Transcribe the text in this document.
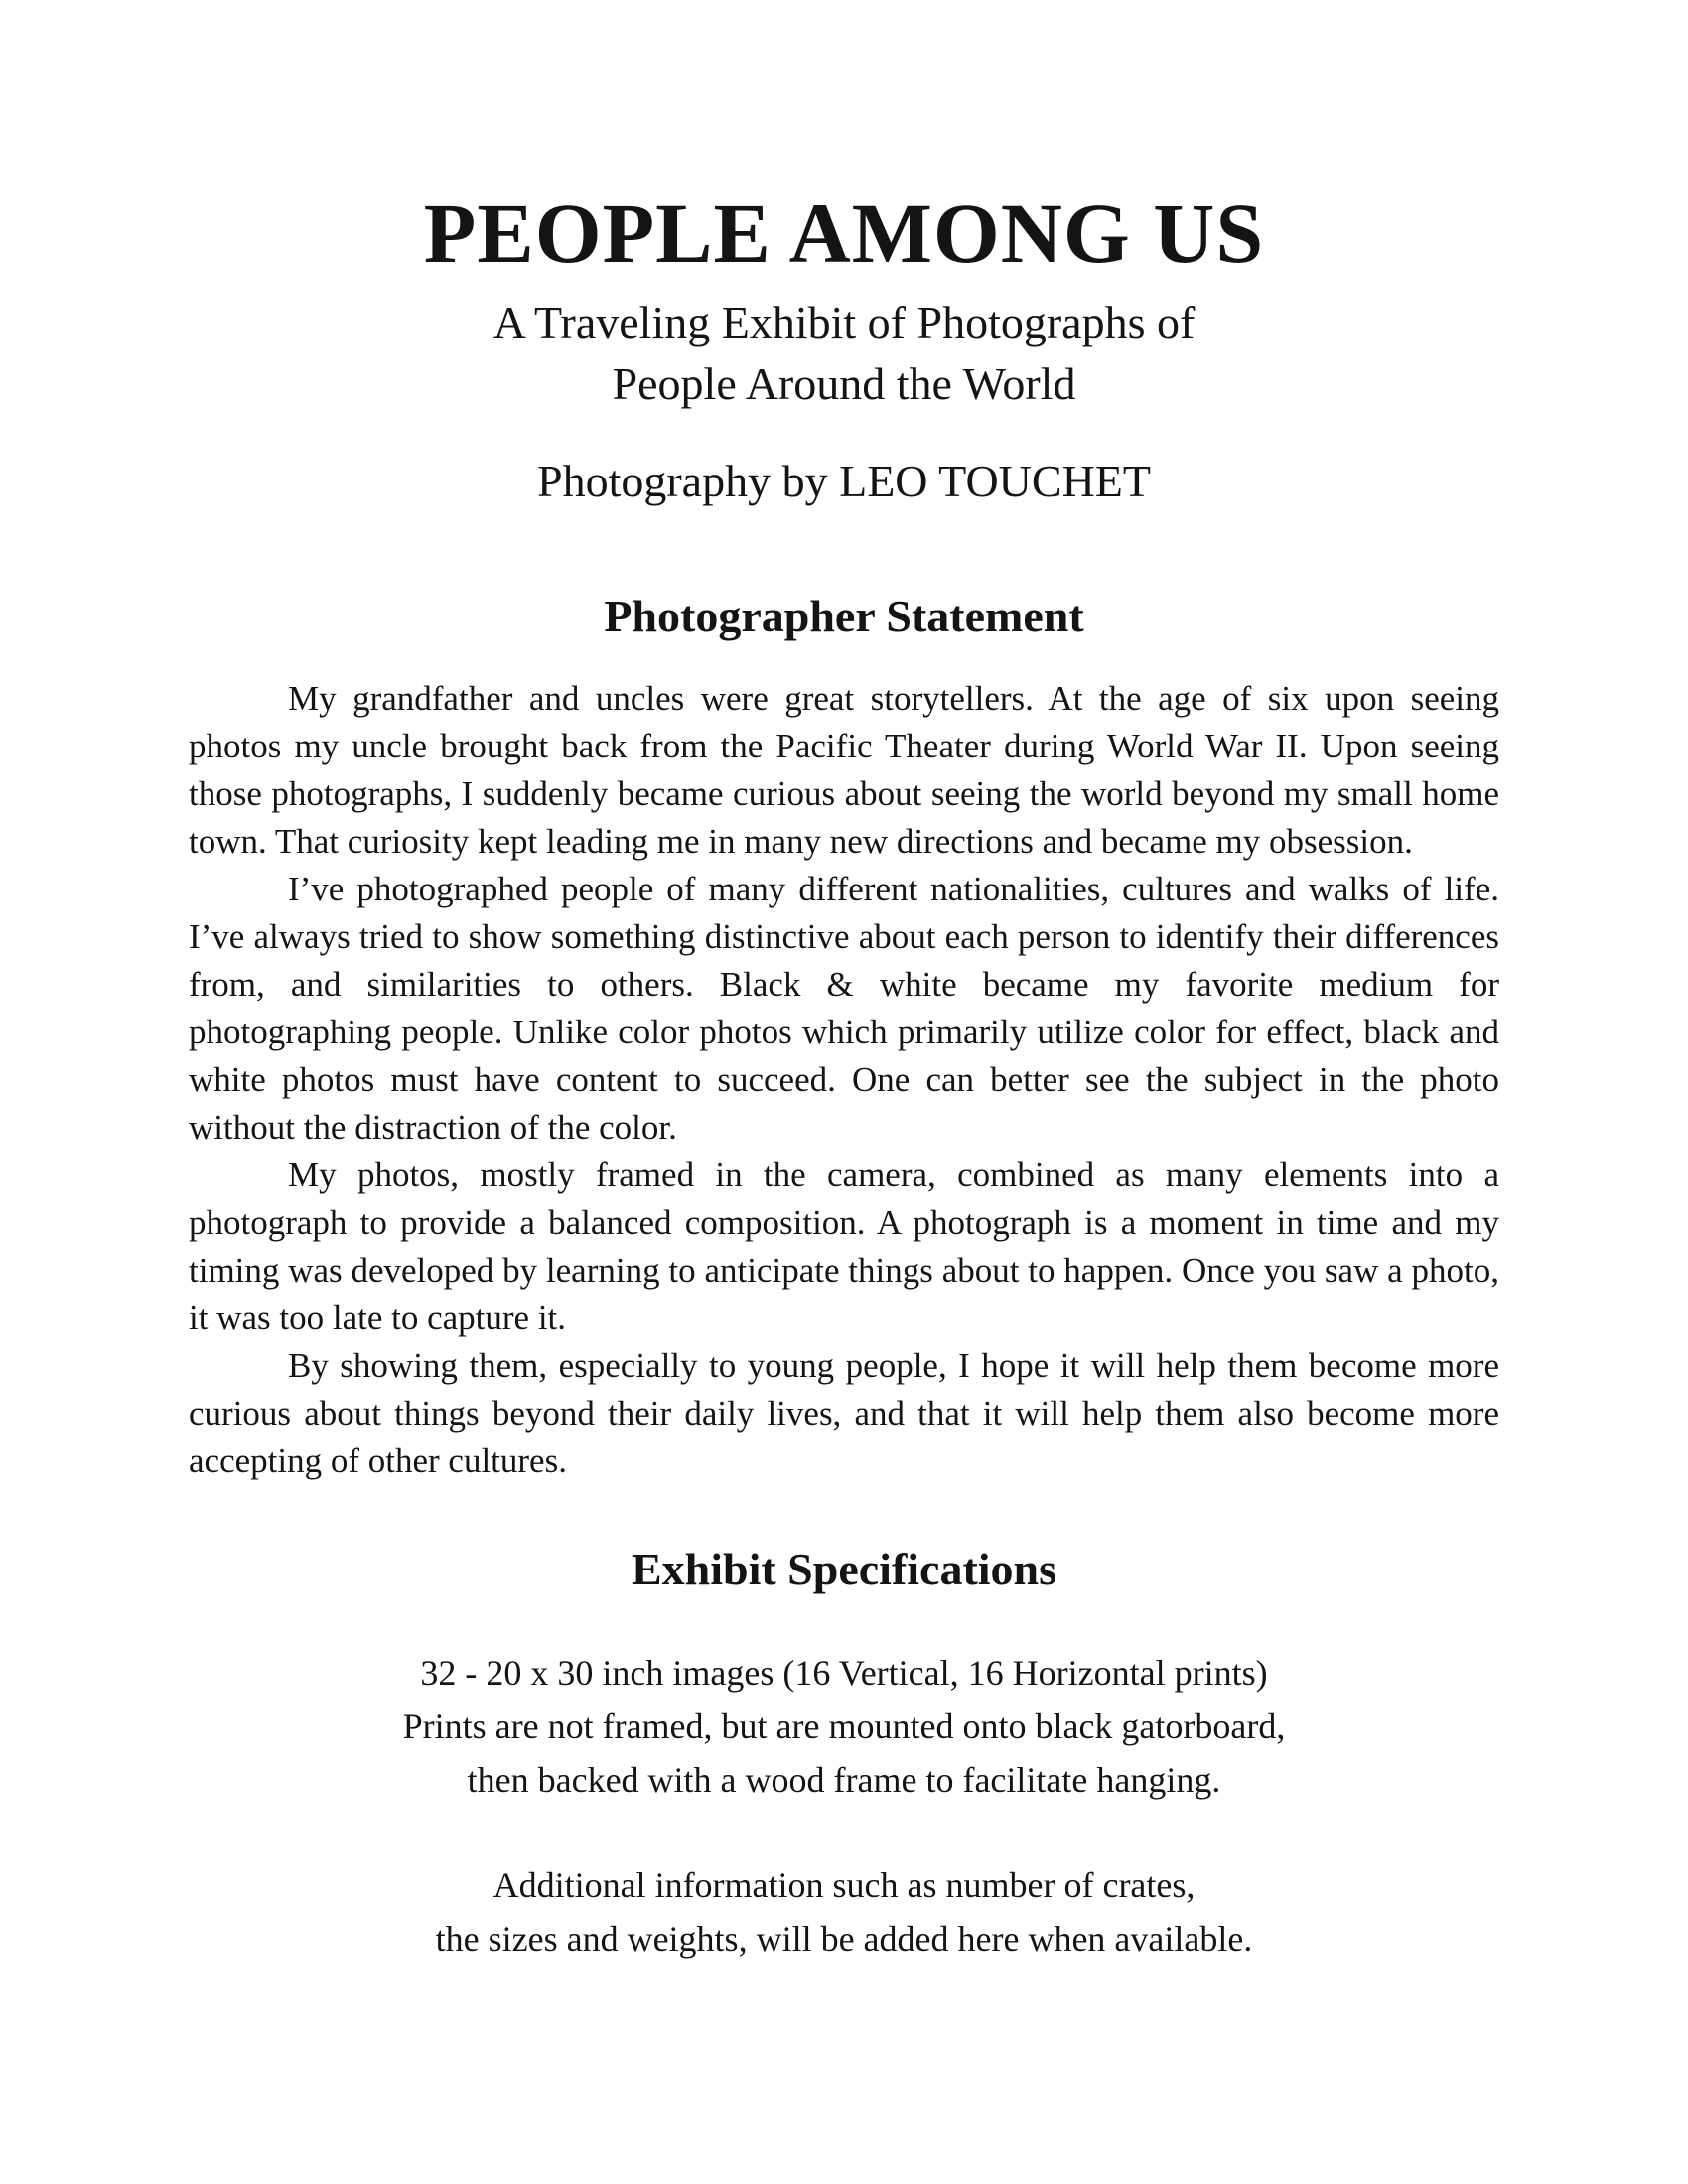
PEOPLE AMONG US
A Traveling Exhibit of Photographs of
People Around the World
Photography by LEO TOUCHET
Photographer Statement

My grandfather and uncles were great storytellers. At the age of six upon seeing photos my uncle brought back from the Pacific Theater during World War II. Upon seeing those photographs, I suddenly became curious about seeing the world beyond my small home town. That curiosity kept leading me in many new directions and became my obsession.

I’ve photographed people of many different nationalities, cultures and walks of life. I’ve always tried to show something distinctive about each person to identify their differences from, and similarities to others. Black & white became my favorite medium for photographing people. Unlike color photos which primarily utilize color for effect, black and white photos must have content to succeed. One can better see the subject in the photo without the distraction of the color.

My photos, mostly framed in the camera, combined as many elements into a photograph to provide a balanced composition. A photograph is a moment in time and my timing was developed by learning to anticipate things about to happen. Once you saw a photo, it was too late to capture it.

By showing them, especially to young people, I hope it will help them become more curious about things beyond their daily lives, and that it will help them also become more accepting of other cultures.

Exhibit Specifications
32 - 20 x 30 inch images (16 Vertical, 16 Horizontal prints)
Prints are not framed, but are mounted onto black gatorboard,
then backed with a wood frame to facilitate hanging.
Additional information such as number of crates,
the sizes and weights, will be added here when available.
